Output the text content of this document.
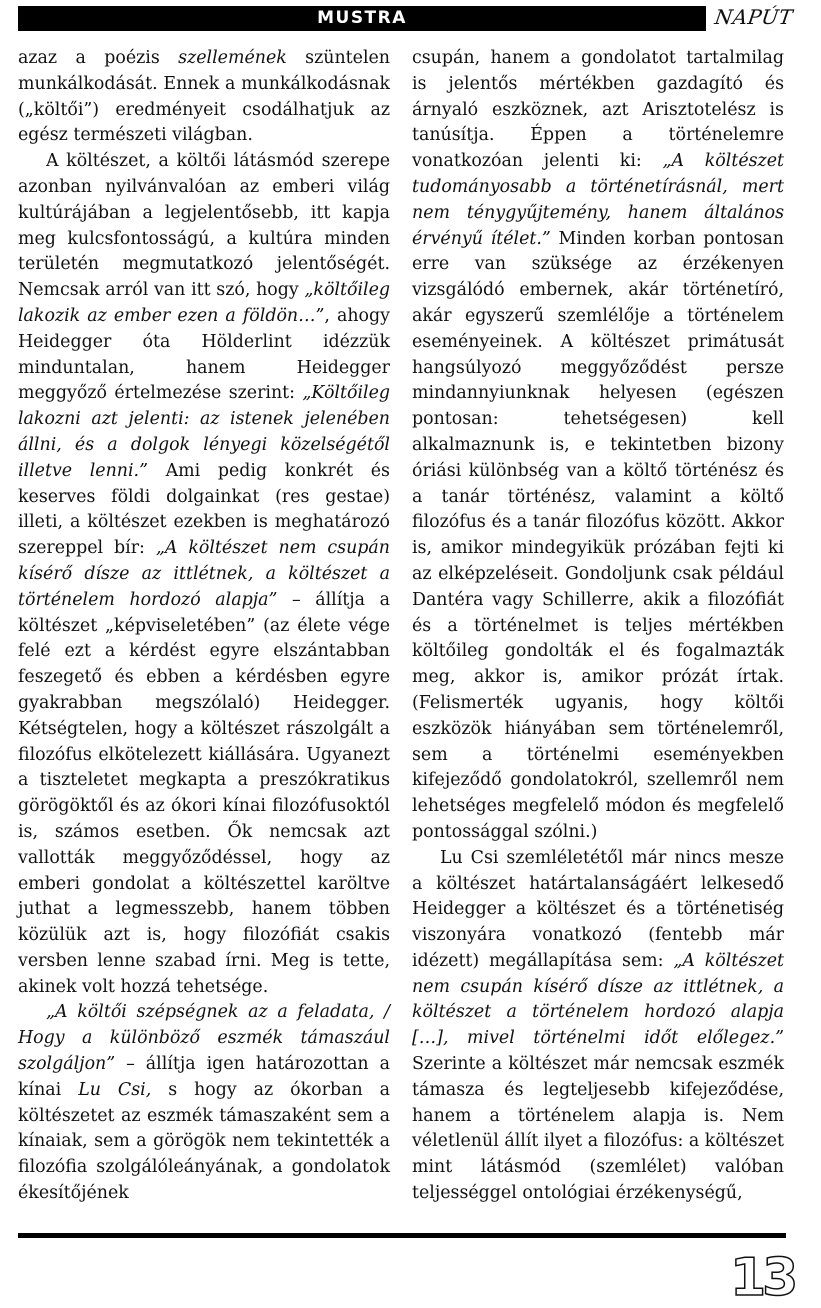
MUSTRA	NAPÚT

azaz a poézis szellemének szüntelen munkálkodását. Ennek a munkálkodásnak („költői”) eredményeit csodálhatjuk az egész természeti világban.

A költészet, a költői látásmód szerepe azonban nyilvánvalóan az emberi világ kultúrájában a legjelentősebb, itt kapja meg kulcsfontosságú, a kultúra minden területén megmutatkozó jelentőségét. Nemcsak arról van itt szó, hogy „költőileg lakozik az ember ezen a földön…”, ahogy Heidegger óta Hölderlint idézzük minduntalan, hanem Heidegger meggyőző értelmezése szerint: „Költőileg lakozni azt jelenti: az istenek jelenében állni, és a dolgok lényegi közelségétől illetve lenni.” Ami pedig konkrét és keserves földi dolgainkat (res gestae) illeti, a költészet ezekben is meghatározó szereppel bír: „A költészet nem csupán kísérő dísze az ittlétnek, a költészet a történelem hordozó alapja” – állítja a költészet „képviseletében” (az élete vége felé ezt a kérdést egyre elszántabban feszegető és ebben a kérdésben egyre gyakrabban megszólaló) Heidegger. Kétségtelen, hogy a költészet rászolgált a filozófus elkötelezett kiállására. Ugyanezt a tiszteletet megkapta a preszókratikus görögöktől és az ókori kínai filozófusoktól is, számos esetben. Ők nemcsak azt vallották meggyőződéssel, hogy az emberi gondolat a költészettel karöltve juthat a legmesszebb, hanem többen közülük azt is, hogy filozófiát csakis versben lenne szabad írni. Meg is tette, akinek volt hozzá tehetsége.

„A költői szépségnek az a feladata, / Hogy a különböző eszmék támaszául szolgáljon” – állítja igen határozottan a kínai Lu Csi, s hogy az ókorban a költészetet az eszmék támaszaként sem a kínaiak, sem a görögök nem tekintették a filozófia szolgálóleányának, a gondolatok ékesítőjének

csupán, hanem a gondolatot tartalmilag is jelentős mértékben gazdagító és árnyaló eszköznek, azt Arisztotelész is tanúsítja. Éppen a történelemre vonatkozóan jelenti ki: „A költészet tudományosabb a történetírásnál, mert nem ténygyűjtemény, hanem általános érvényű ítélet.” Minden korban pontosan erre van szüksége az érzékenyen vizsgálódó embernek, akár történetíró, akár egyszerű szemlélője a történelem eseményeinek. A költészet primátusát hangsúlyozó meggyőződést persze mindannyiunknak helyesen (egészen pontosan: tehetségesen) kell alkalmaznunk is, e tekintetben bizony óriási különbség van a költő történész és a tanár történész, valamint a költő filozófus és a tanár filozófus között. Akkor is, amikor mindegyikük prózában fejti ki az elképzeléseit. Gondoljunk csak például Dantéra vagy Schillerre, akik a filozófiát és a történelmet is teljes mértékben költőileg gondolták el és fogalmazták meg, akkor is, amikor prózát írtak. (Felismerték ugyanis, hogy költői eszközök hiányában sem történelemről, sem a történelmi eseményekben kifejeződő gondolatokról, szellemről nem lehetséges megfelelő módon és megfelelő pontossággal szólni.)

Lu Csi szemléletétől már nincs mesze a költészet határtalanságáért lelkesedő Heidegger a költészet és a történetiség viszonyára vonatkozó (fentebb már idézett) megállapítása sem: „A költészet nem csupán kísérő dísze az ittlétnek, a költészet a történelem hordozó alapja […], mivel történelmi időt előlegez.” Szerinte a költészet már nemcsak eszmék támasza és legteljesebb kifejeződése, hanem a történelem alapja is. Nem véletlenül állít ilyet a filozófus: a költészet mint látásmód (szemlélet) valóban teljességgel ontológiai érzékenységű,

13
